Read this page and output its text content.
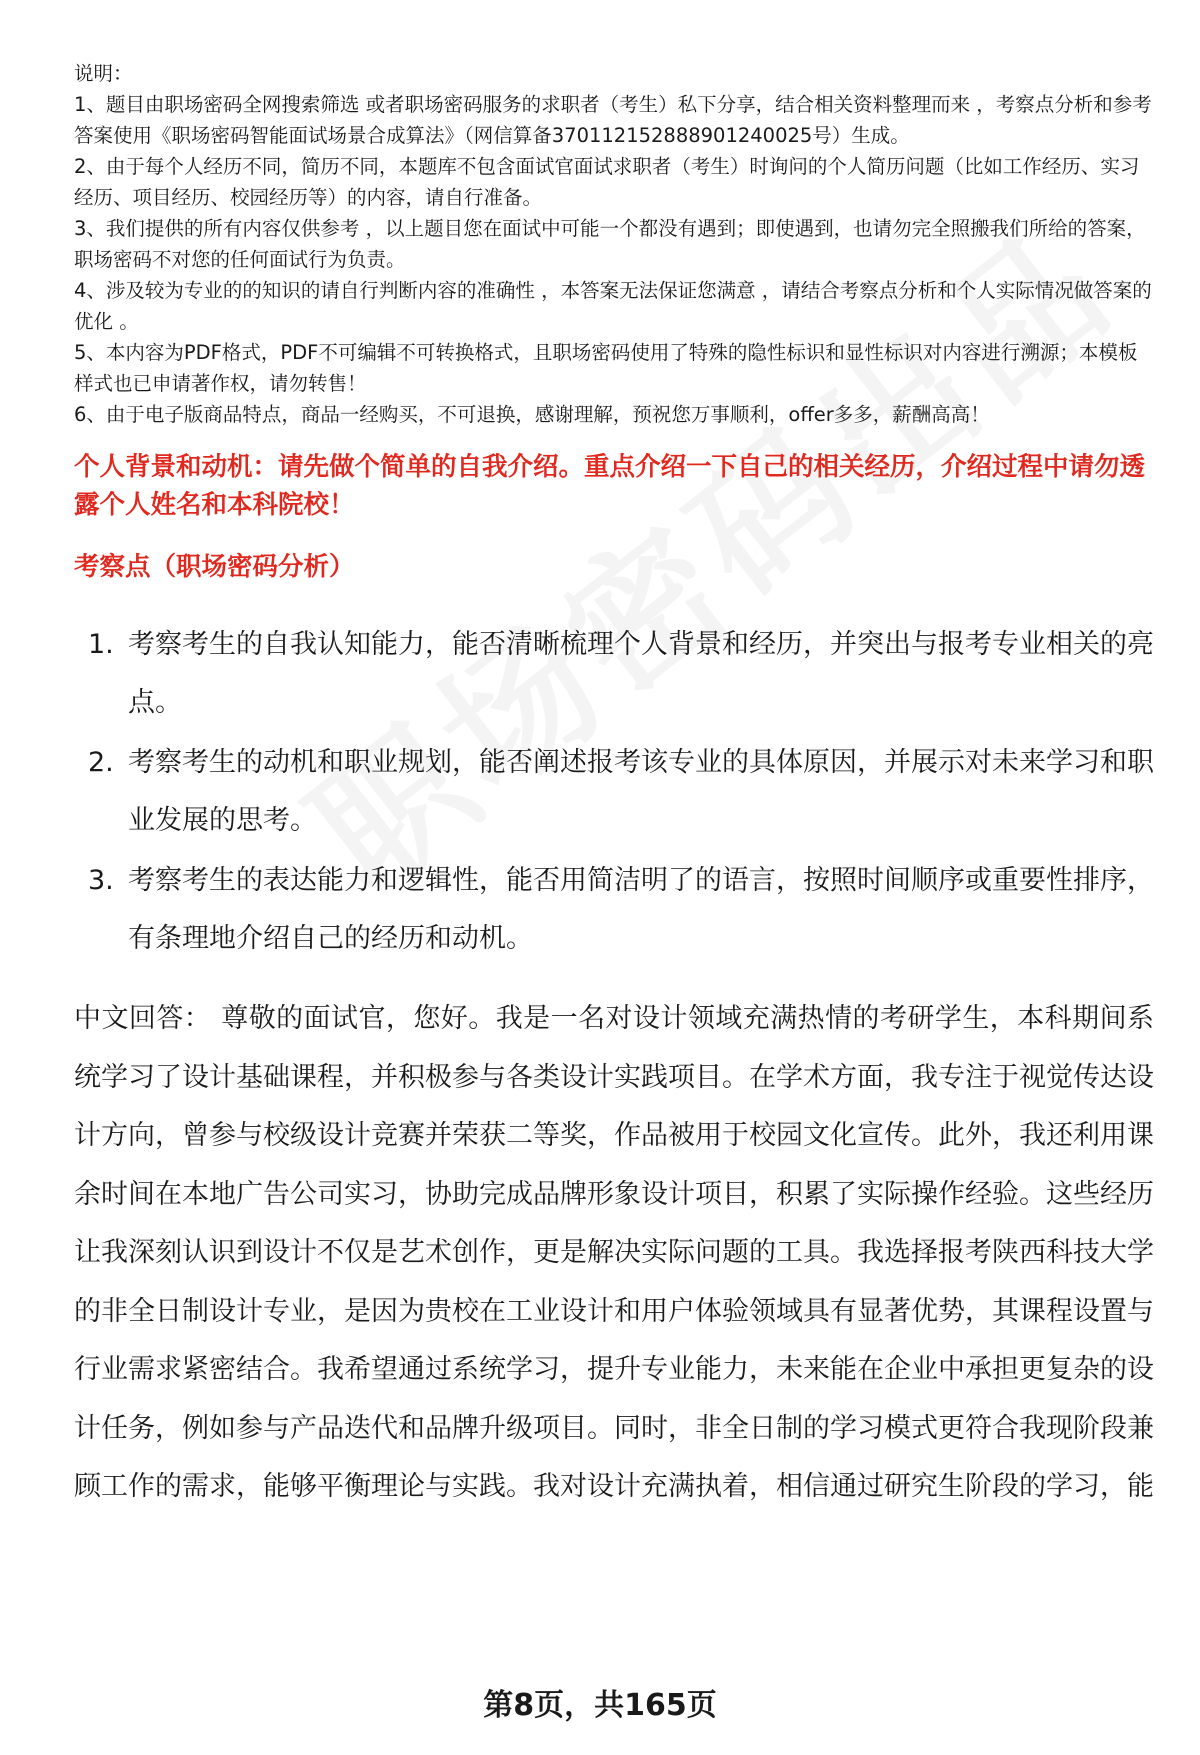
说明：

1、题目由职场密码全网搜索筛选 或者职场密码服务的求职者（考生）私下分享，结合相关资料整理而来 ，考察点分析和参考答案使用《职场密码智能面试场景合成算法》（网信算备370112152888901240025号）生成。

2、由于每个人经历不同，简历不同，本题库不包含面试官面试求职者（考生）时询问的个人简历问题（比如工作经历、实习经历、项目经历、校园经历等）的内容，请自行准备。

3、我们提供的所有内容仅供参考 ，以上题目您在面试中可能一个都没有遇到；即使遇到，也请勿完全照搬我们所给的答案，职场密码不对您的任何面试行为负责。

4、涉及较为专业的的知识的请自行判断内容的准确性 ，本答案无法保证您满意 ，请结合考察点分析和个人实际情况做答案的优化 。

5、本内容为PDF格式，PDF不可编辑不可转换格式，且职场密码使用了特殊的隐性标识和显性标识对内容进行溯源；本模板样式也已申请著作权，请勿转售！

6、由于电子版商品特点，商品一经购买，不可退换，感谢理解，预祝您万事顺利，offer多多，薪酬高高！

个人背景和动机：请先做个简单的自我介绍。重点介绍一下自己的相关经历，介绍过程中请勿透露个人姓名和本科院校！
考察点（职场密码分析）
1. 考察考生的自我认知能力，能否清晰梳理个人背景和经历，并突出与报考专业相关的亮点。
2. 考察考生的动机和职业规划，能否阐述报考该专业的具体原因，并展示对未来学习和职业发展的思考。
3. 考察考生的表达能力和逻辑性，能否用简洁明了的语言，按照时间顺序或重要性排序，有条理地介绍自己的经历和动机。
中文回答： 尊敬的面试官，您好。我是一名对设计领域充满热情的考研学生，本科期间系统学习了设计基础课程，并积极参与各类设计实践项目。在学术方面，我专注于视觉传达设计方向，曾参与校级设计竞赛并荣获二等奖，作品被用于校园文化宣传。此外，我还利用课余时间在本地广告公司实习，协助完成品牌形象设计项目，积累了实际操作经验。这些经历让我深刻认识到设计不仅是艺术创作，更是解决实际问题的工具。我选择报考陕西科技大学的非全日制设计专业，是因为贵校在工业设计和用户体验领域具有显著优势，其课程设置与行业需求紧密结合。我希望通过系统学习，提升专业能力，未来能在企业中承担更复杂的设计任务，例如参与产品迭代和品牌升级项目。同时，非全日制的学习模式更符合我现阶段兼顾工作的需求，能够平衡理论与实践。我对设计充满执着，相信通过研究生阶段的学习，能
第8页，共165页
